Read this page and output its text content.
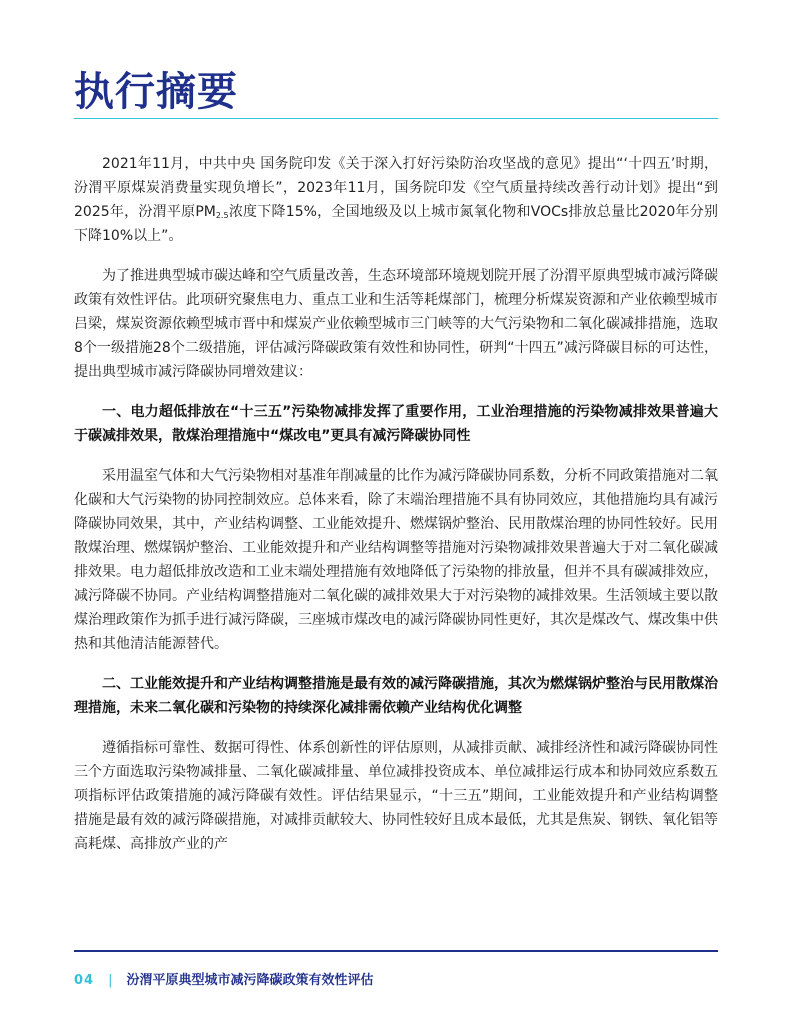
执行摘要

2021年11月，中共中央 国务院印发《关于深入打好污染防治攻坚战的意见》提出“‘十四五’时期，汾渭平原煤炭消费量实现负增长”，2023年11月，国务院印发《空气质量持续改善行动计划》提出“到2025年，汾渭平原$PM_{2.5}$浓度下降15%，全国地级及以上城市氮氧化物和VOCs排放总量比2020年分别下降10%以上”。

为了推进典型城市碳达峰和空气质量改善，生态环境部环境规划院开展了汾渭平原典型城市减污降碳政策有效性评估。此项研究聚焦电力、重点工业和生活等耗煤部门，梳理分析煤炭资源和产业依赖型城市吕梁，煤炭资源依赖型城市晋中和煤炭产业依赖型城市三门峡等的大气污染物和二氧化碳减排措施，选取8个一级措施28个二级措施，评估减污降碳政策有效性和协同性，研判“十四五”减污降碳目标的可达性，提出典型城市减污降碳协同增效建议：

一、电力超低排放在“十三五”污染物减排发挥了重要作用，工业治理措施的污染物减排效果普遍大于碳减排效果，散煤治理措施中“煤改电”更具有减污降碳协同性

采用温室气体和大气污染物相对基准年削减量的比作为减污降碳协同系数，分析不同政策措施对二氧化碳和大气污染物的协同控制效应。总体来看，除了末端治理措施不具有协同效应，其他措施均具有减污降碳协同效果，其中，产业结构调整、工业能效提升、燃煤锅炉整治、民用散煤治理的协同性较好。民用散煤治理、燃煤锅炉整治、工业能效提升和产业结构调整等措施对污染物减排效果普遍大于对二氧化碳减排效果。电力超低排放改造和工业末端处理措施有效地降低了污染物的排放量，但并不具有碳减排效应，减污降碳不协同。产业结构调整措施对二氧化碳的减排效果大于对污染物的减排效果。生活领域主要以散煤治理政策作为抓手进行减污降碳，三座城市煤改电的减污降碳协同性更好，其次是煤改气、煤改集中供热和其他清洁能源替代。

二、工业能效提升和产业结构调整措施是最有效的减污降碳措施，其次为燃煤锅炉整治与民用散煤治理措施，未来二氧化碳和污染物的持续深化减排需依赖产业结构优化调整

遵循指标可靠性、数据可得性、体系创新性的评估原则，从减排贡献、减排经济性和减污降碳协同性三个方面选取污染物减排量、二氧化碳减排量、单位减排投资成本、单位减排运行成本和协同效应系数五项指标评估政策措施的减污降碳有效性。评估结果显示，“十三五”期间，工业能效提升和产业结构调整措施是最有效的减污降碳措施，对减排贡献较大、协同性较好且成本最低，尤其是焦炭、钢铁、氧化铝等高耗煤、高排放产业的产

04 | 汾渭平原典型城市减污降碳政策有效性评估
